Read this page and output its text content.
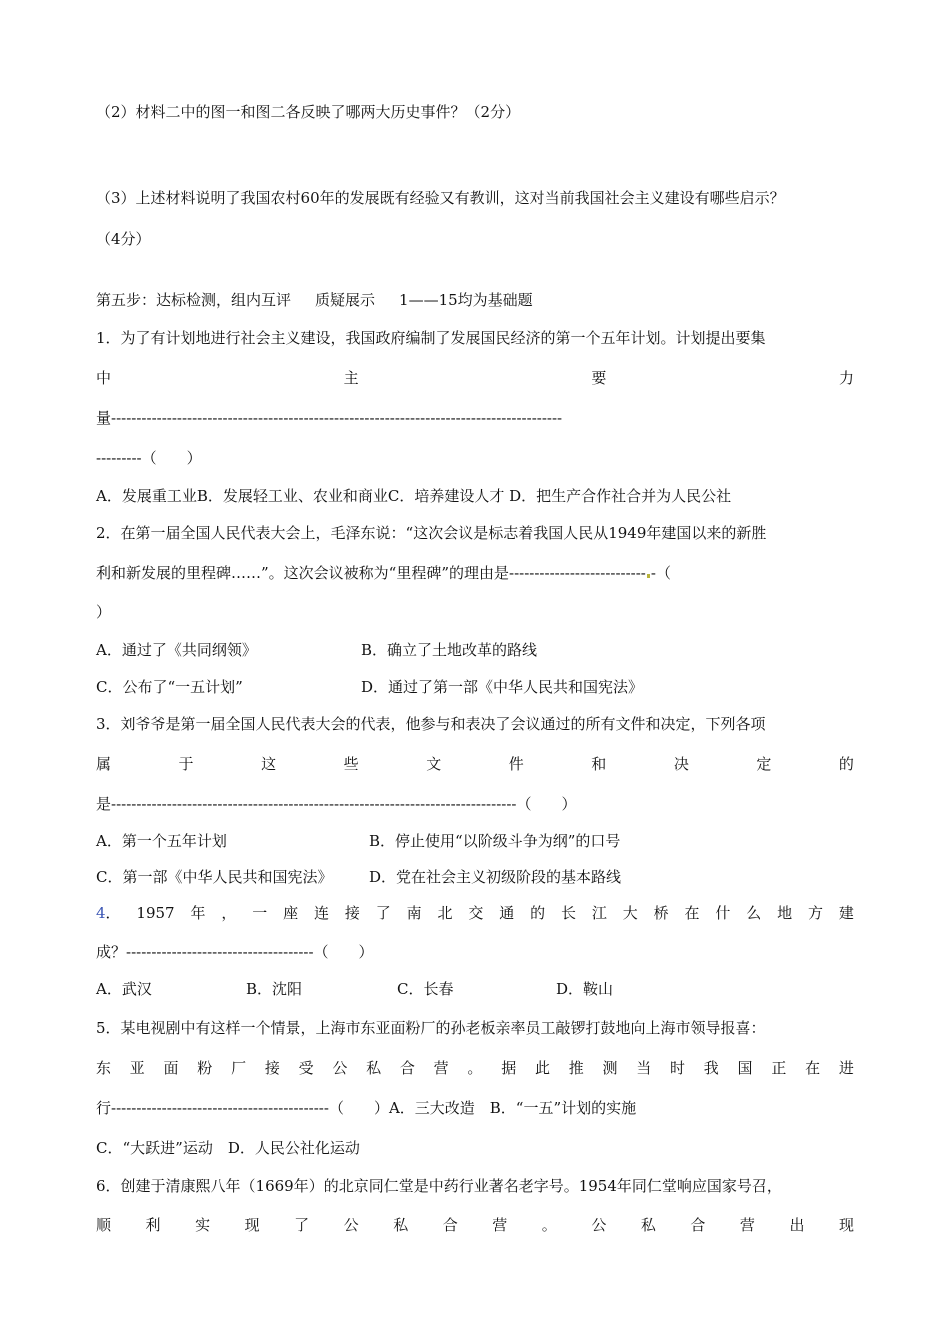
（2）材料二中的图一和图二各反映了哪两大历史事件？（2分）
（3）上述材料说明了我国农村60年的发展既有经验又有教训，这对当前我国社会主义建设有哪些启示？
（4分）
第五步：达标检测，组内互评 质疑展示 1——15均为基础题
1．为了有计划地进行社会主义建设，我国政府编制了发展国民经济的第一个五年计划。计划提出要集
中	主	要	力
量-----------------------------------------------------------------------------------------
---------（　　）
A．发展重工业B．发展轻工业、农业和商业C．培养建设人才 D．把生产合作社合并为人民公社
2．在第一届全国人民代表大会上，毛泽东说：“这次会议是标志着我国人民从1949年建国以来的新胜
利和新发展的里程碑……”。这次会议被称为“里程碑”的理由是--------------------------- -（
）
A．通过了《共同纲领》	B．确立了土地改革的路线
C．公布了“一五计划”	D．通过了第一部《中华人民共和国宪法》
3．刘爷爷是第一届全国人民代表大会的代表，他参与和表决了会议通过的所有文件和决定，下列各项
属	于	这	些	文	件	和	决	定	的
是--------------------------------------------------------------------------------（　　）
A．第一个五年计划	B．停止使用“以阶级斗争为纲”的口号
C．第一部《中华人民共和国宪法》	D．党在社会主义初级阶段的基本路线
4． 1957 年 ， 一 座 连 接 了 南 北 交 通 的 长 江 大 桥 在 什 么 地 方 建
成？-------------------------------------（　　）
A．武汉	B．沈阳	C．长春	D．鞍山
5．某电视剧中有这样一个情景，上海市东亚面粉厂的孙老板亲率员工敲锣打鼓地向上海市领导报喜：
东 亚 面 粉 厂 接 受 公 私 合 营 。 据 此 推 测 当 时 我 国 正 在 进
行-------------------------------------------（　　）A．三大改造　B．“一五”计划的实施
C．“大跃进”运动　D．人民公社化运动
6．创建于清康熙八年（1669年）的北京同仁堂是中药行业著名老字号。1954年同仁堂响应国家号召，
顺 利 实 现 了 公 私 合 营 。 公 私 合 营 出 现
